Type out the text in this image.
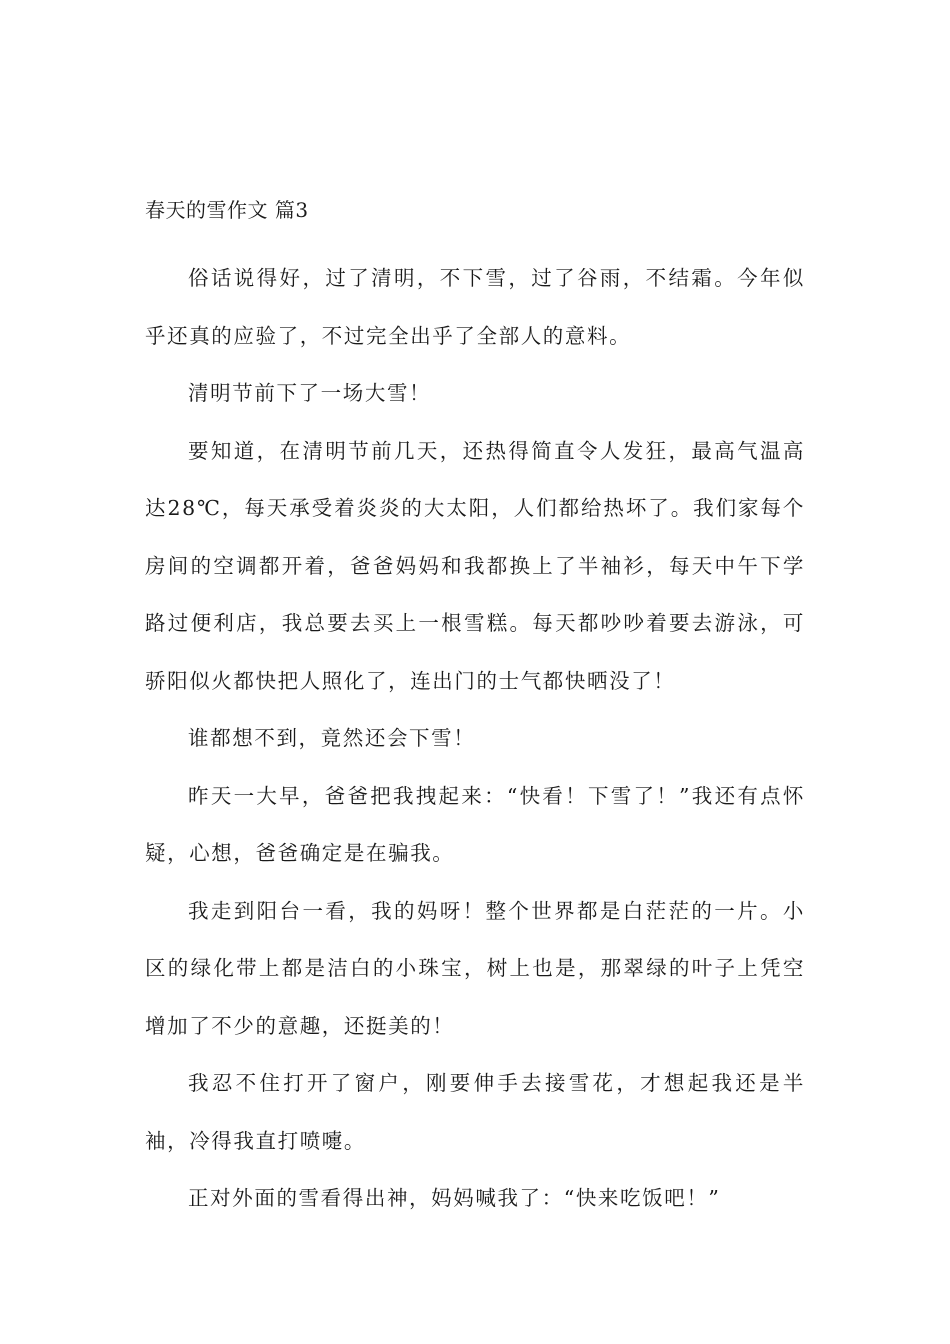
春天的雪作文 篇3

俗话说得好，过了清明，不下雪，过了谷雨，不结霜。今年似乎还真的应验了，不过完全出乎了全部人的意料。

清明节前下了一场大雪！

要知道，在清明节前几天，还热得简直令人发狂，最高气温高达28℃，每天承受着炎炎的大太阳，人们都给热坏了。我们家每个房间的空调都开着，爸爸妈妈和我都换上了半袖衫，每天中午下学路过便利店，我总要去买上一根雪糕。每天都吵吵着要去游泳，可骄阳似火都快把人照化了，连出门的士气都快晒没了！

谁都想不到，竟然还会下雪！

昨天一大早，爸爸把我拽起来：“快看！下雪了！”我还有点怀疑，心想，爸爸确定是在骗我。

我走到阳台一看，我的妈呀！整个世界都是白茫茫的一片。小区的绿化带上都是洁白的小珠宝，树上也是，那翠绿的叶子上凭空增加了不少的意趣，还挺美的！

我忍不住打开了窗户，刚要伸手去接雪花，才想起我还是半袖，冷得我直打喷嚏。

正对外面的雪看得出神，妈妈喊我了：“快来吃饭吧！”
